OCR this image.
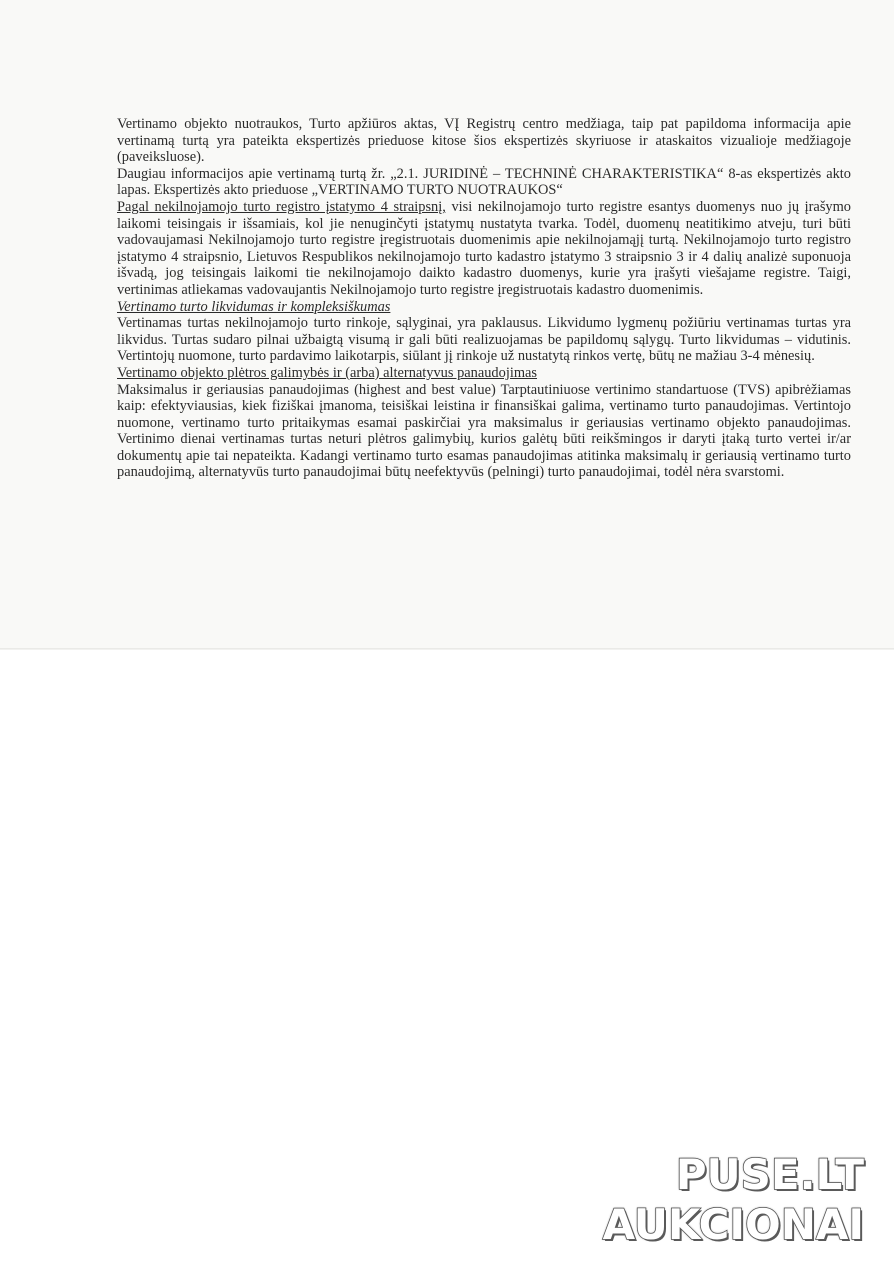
Vertinamo objekto nuotraukos, Turto apžiūros aktas, VĮ Registrų centro medžiaga, taip pat papildoma informacija apie vertinamą turtą yra pateikta ekspertizės prieduose kitose šios ekspertizės skyriuose ir ataskaitos vizualioje medžiagoje (paveiksluose).

Daugiau informacijos apie vertinamą turtą žr. „2.1. JURIDINĖ – TECHNINĖ CHARAKTERISTIKA“ 8-as ekspertizės akto lapas. Ekspertizės akto prieduose „VERTINAMO TURTO NUOTRAUKOS“

Pagal nekilnojamojo turto registro įstatymo 4 straipsnį, visi nekilnojamojo turto registre esantys duomenys nuo jų įrašymo laikomi teisingais ir išsamiais, kol jie nenuginčyti įstatymų nustatyta tvarka. Todėl, duomenų neatitikimo atveju, turi būti vadovaujamasi Nekilnojamojo turto registre įregistruotais duomenimis apie nekilnojamąjį turtą. Nekilnojamojo turto registro įstatymo 4 straipsnio, Lietuvos Respublikos nekilnojamojo turto kadastro įstatymo 3 straipsnio 3 ir 4 dalių analizė suponuoja išvadą, jog teisingais laikomi tie nekilnojamojo daikto kadastro duomenys, kurie yra įrašyti viešajame registre. Taigi, vertinimas atliekamas vadovaujantis Nekilnojamojo turto registre įregistruotais kadastro duomenimis.

Vertinamo turto likvidumas ir kompleksiškumas

Vertinamas turtas nekilnojamojo turto rinkoje, sąlyginai, yra paklausus. Likvidumo lygmenų požiūriu vertinamas turtas yra likvidus. Turtas sudaro pilnai užbaigtą visumą ir gali būti realizuojamas be papildomų sąlygų. Turto likvidumas – vidutinis. Vertintojų nuomone, turto pardavimo laikotarpis, siūlant jį rinkoje už nustatytą rinkos vertę, būtų ne mažiau 3-4 mėnesių.

Vertinamo objekto plėtros galimybės ir (arba) alternatyvus panaudojimas

Maksimalus ir geriausias panaudojimas (highest and best value) Tarptautiniuose vertinimo standartuose (TVS) apibrėžiamas kaip: efektyviausias, kiek fiziškai įmanoma, teisiškai leistina ir finansiškai galima, vertinamo turto panaudojimas. Vertintojo nuomone, vertinamo turto pritaikymas esamai paskirčiai yra maksimalus ir geriausias vertinamo objekto panaudojimas. Vertinimo dienai vertinamas turtas neturi plėtros galimybių, kurios galėtų būti reikšmingos ir daryti įtaką turto vertei ir/ar dokumentų apie tai nepateikta. Kadangi vertinamo turto esamas panaudojimas atitinka maksimalų ir geriausią vertinamo turto panaudojimą, alternatyvūs turto panaudojimai būtų neefektyvūs (pelningi) turto panaudojimai, todėl nėra svarstomi.

PUSE.LT
AUKCIONAI
